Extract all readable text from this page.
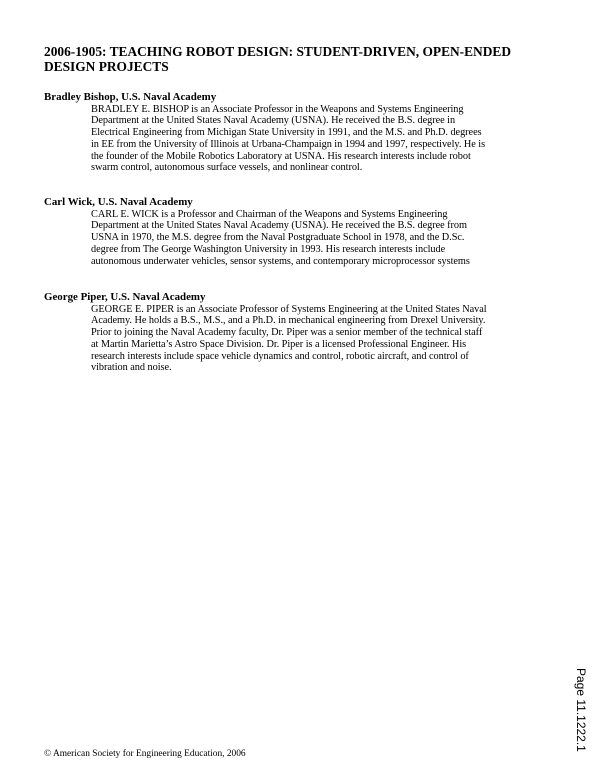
2006-1905: TEACHING ROBOT DESIGN: STUDENT-DRIVEN, OPEN-ENDED
DESIGN PROJECTS
Bradley Bishop, U.S. Naval Academy
BRADLEY E. BISHOP is an Associate Professor in the Weapons and Systems Engineering
Department at the United States Naval Academy (USNA). He received the B.S. degree in
Electrical Engineering from Michigan State University in 1991, and the M.S. and Ph.D. degrees
in EE from the University of Illinois at Urbana-Champaign in 1994 and 1997, respectively. He is
the founder of the Mobile Robotics Laboratory at USNA. His research interests include robot
swarm control, autonomous surface vessels, and nonlinear control.
Carl Wick, U.S. Naval Academy
CARL E. WICK is a Professor and Chairman of the Weapons and Systems Engineering
Department at the United States Naval Academy (USNA). He received the B.S. degree from
USNA in 1970, the M.S. degree from the Naval Postgraduate School in 1978, and the D.Sc.
degree from The George Washington University in 1993. His research interests include
autonomous underwater vehicles, sensor systems, and contemporary microprocessor systems
George Piper, U.S. Naval Academy
GEORGE E. PIPER is an Associate Professor of Systems Engineering at the United States Naval
Academy. He holds a B.S., M.S., and a Ph.D. in mechanical engineering from Drexel University.
Prior to joining the Naval Academy faculty, Dr. Piper was a senior member of the technical staff
at Martin Marietta’s Astro Space Division. Dr. Piper is a licensed Professional Engineer. His
research interests include space vehicle dynamics and control, robotic aircraft, and control of
vibration and noise.
Page 11.1222.1
© American Society for Engineering Education, 2006
